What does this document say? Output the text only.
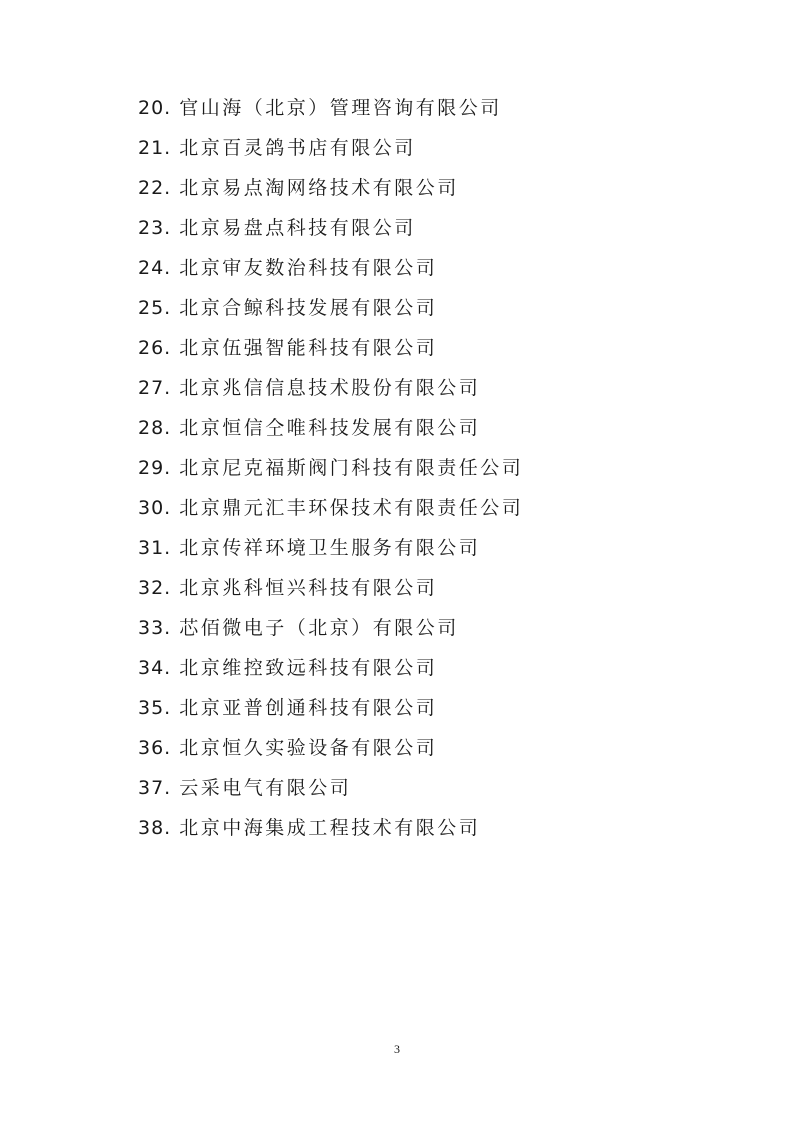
20. 官山海（北京）管理咨询有限公司
21. 北京百灵鸽书店有限公司
22. 北京易点淘网络技术有限公司
23. 北京易盘点科技有限公司
24. 北京审友数治科技有限公司
25. 北京合鲸科技发展有限公司
26. 北京伍强智能科技有限公司
27. 北京兆信信息技术股份有限公司
28. 北京恒信仝唯科技发展有限公司
29. 北京尼克福斯阀门科技有限责任公司
30. 北京鼎元汇丰环保技术有限责任公司
31. 北京传祥环境卫生服务有限公司
32. 北京兆科恒兴科技有限公司
33. 芯佰微电子（北京）有限公司
34. 北京维控致远科技有限公司
35. 北京亚普创通科技有限公司
36. 北京恒久实验设备有限公司
37. 云采电气有限公司
38. 北京中海集成工程技术有限公司
3
